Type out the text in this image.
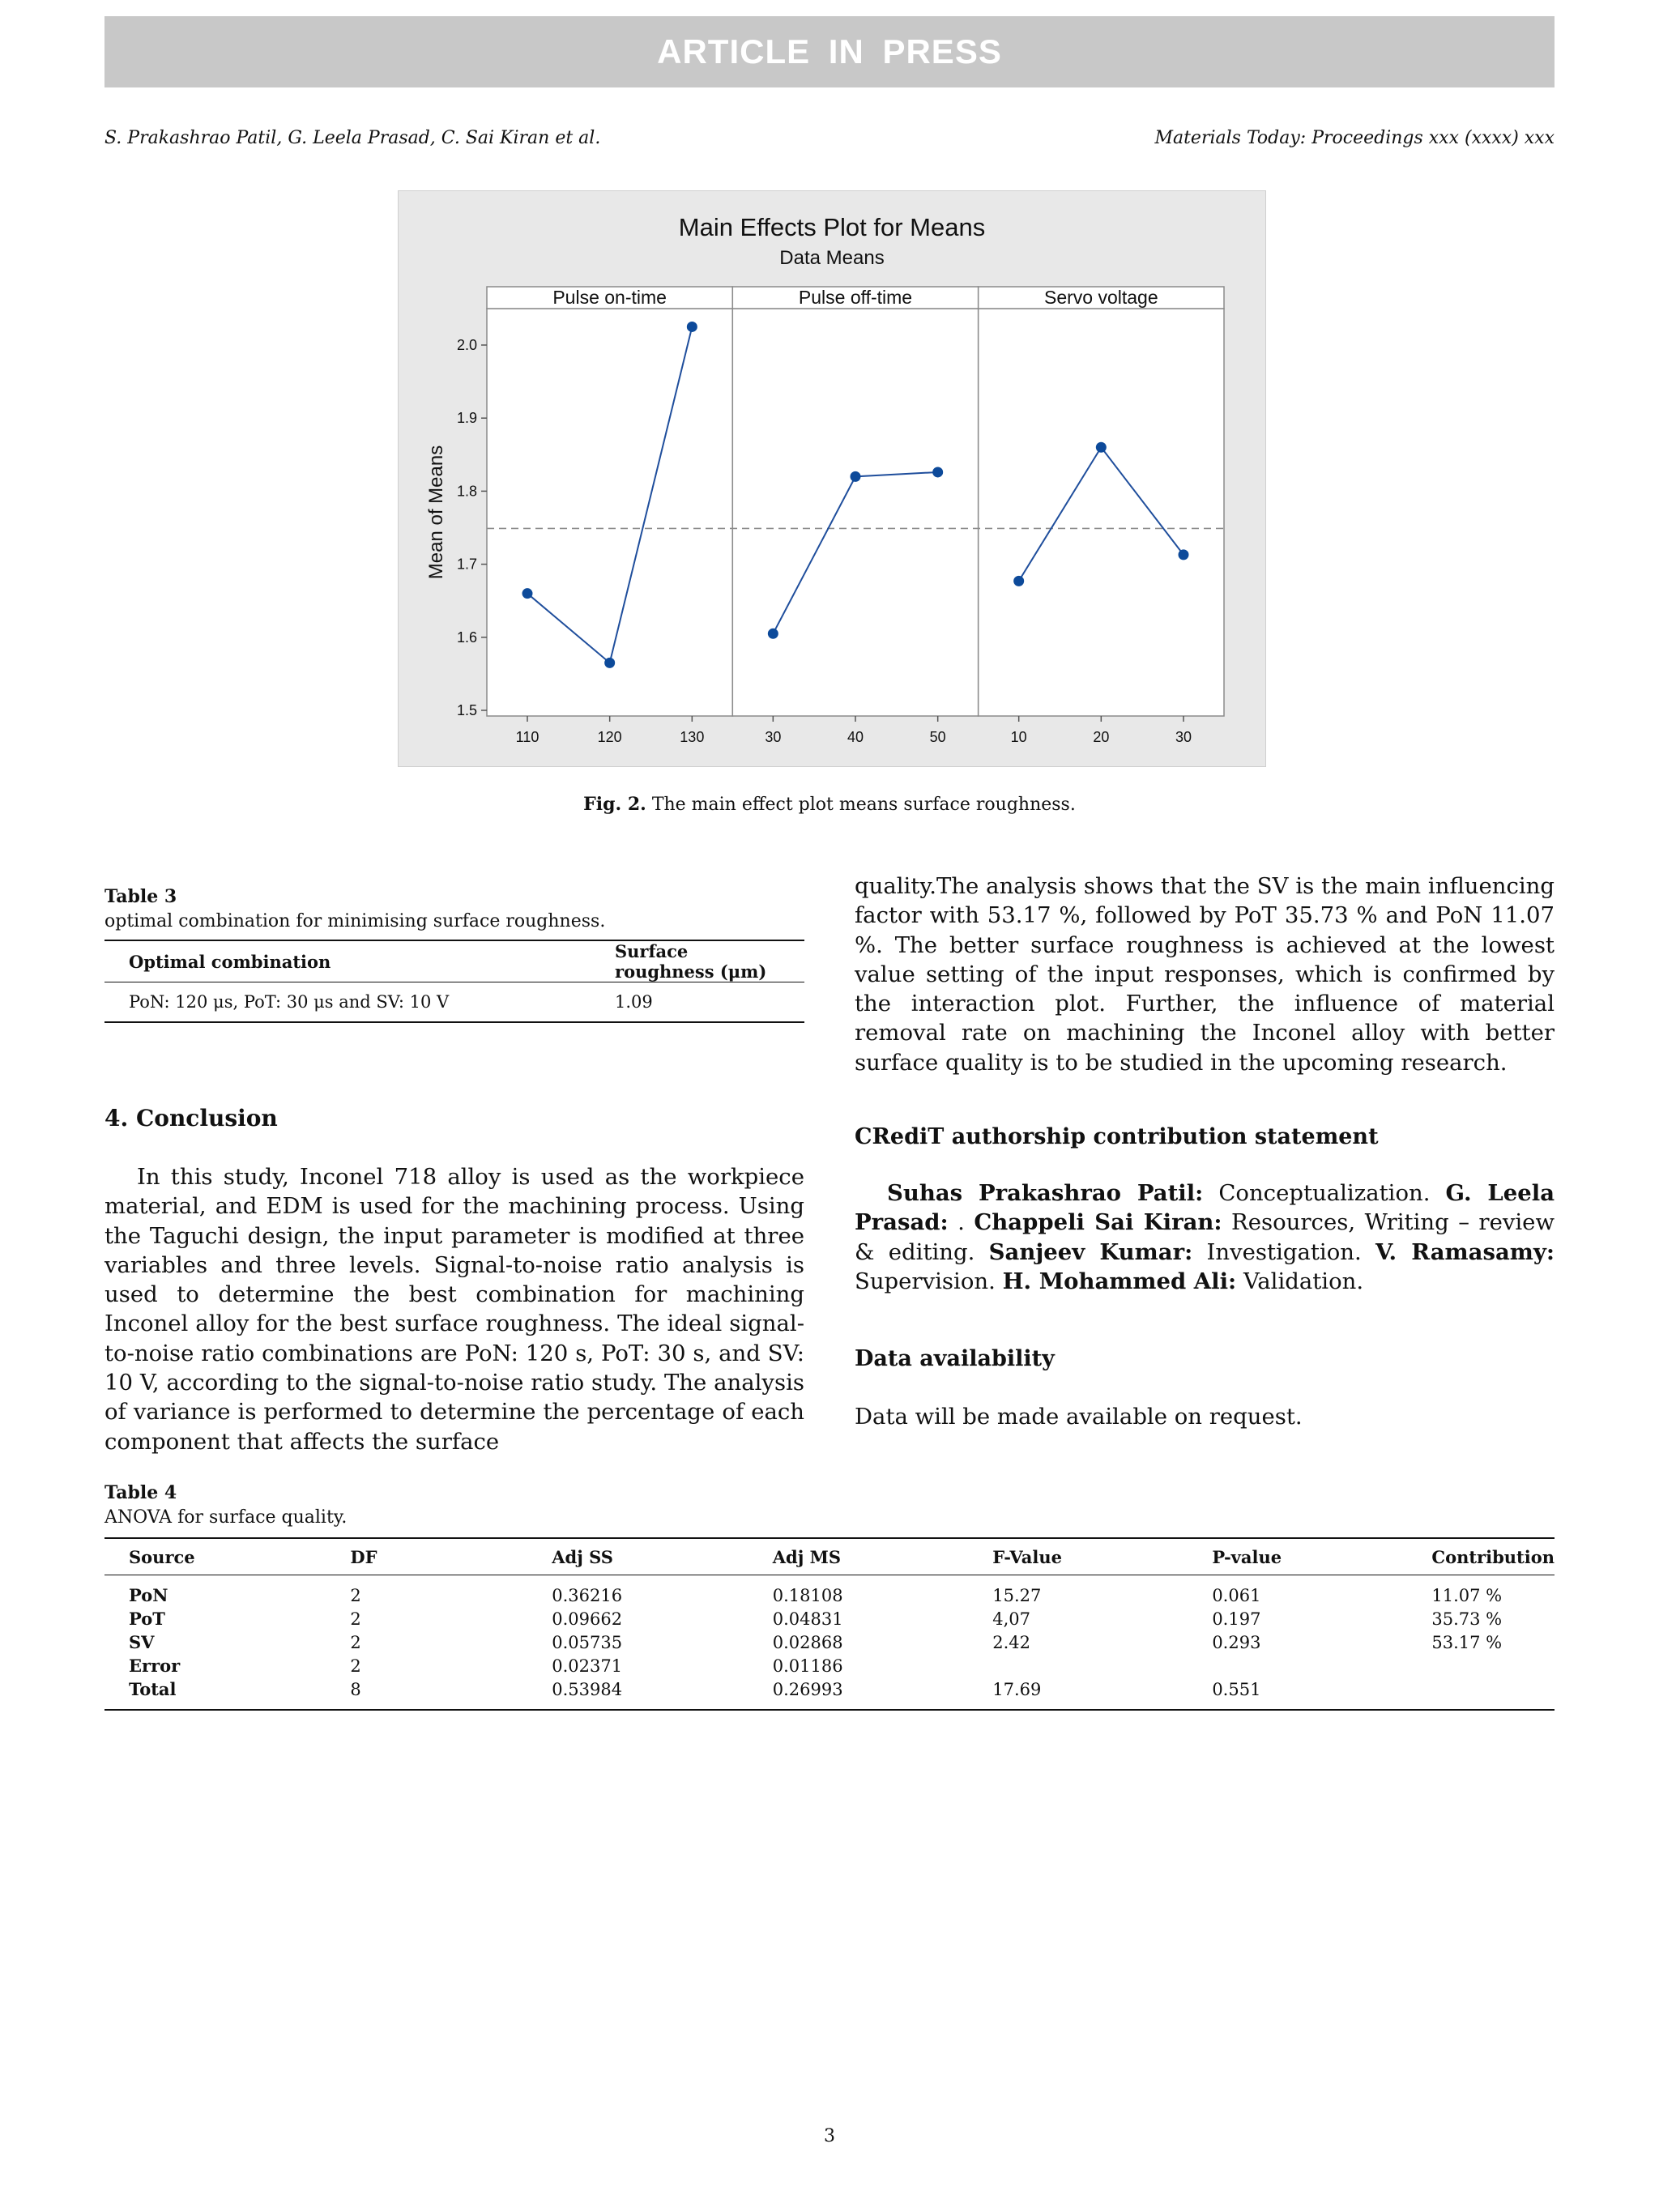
ARTICLE IN PRESS
S. Prakashrao Patil, G. Leela Prasad, C. Sai Kiran et al.	Materials Today: Proceedings xxx (xxxx) xxx
Main Effects Plot for Means
Data Means
Pulse on-time	Pulse off-time	Servo voltage
1.5
1.6
1.7
1.8
1.9
2.0
Mean of Means
110	120	130	30	40	50	10	20	30
Fig. 2. The main effect plot means surface roughness.
Table 3
optimal combination for minimising surface roughness.
Optimal combination	Surface roughness (μm)
PoN: 120 μs, PoT: 30 μs and SV: 10 V	1.09
4. Conclusion

In this study, Inconel 718 alloy is used as the workpiece material, and EDM is used for the machining process. Using the Taguchi design, the input parameter is modified at three variables and three levels. Signal-to-noise ratio analysis is used to determine the best combination for machining Inconel alloy for the best surface roughness. The ideal signal-to-noise ratio combinations are PoN: 120 s, PoT: 30 s, and SV: 10 V, according to the signal-to-noise ratio study. The analysis of variance is performed to determine the percentage of each component that affects the surface

quality.The analysis shows that the SV is the main influencing factor with 53.17 %, followed by PoT 35.73 % and PoN 11.07 %. The better surface roughness is achieved at the lowest value setting of the input responses, which is confirmed by the interaction plot. Further, the influence of material removal rate on machining the Inconel alloy with better surface quality is to be studied in the upcoming research.

CRediT authorship contribution statement

Suhas Prakashrao Patil: Conceptualization. G. Leela Prasad: . Chappeli Sai Kiran: Resources, Writing – review & editing. Sanjeev Kumar: Investigation. V. Ramasamy: Supervision. H. Mohammed Ali: Validation.

Data availability

Data will be made available on request.

Table 4
ANOVA for surface quality.
Source	DF	Adj SS	Adj MS	F-Value	P-value	Contribution
PoN	2	0.36216	0.18108	15.27	0.061	11.07 %
PoT	2	0.09662	0.04831	4,07	0.197	35.73 %
SV	2	0.05735	0.02868	2.42	0.293	53.17 %
Error	2	0.02371	0.01186			
Total	8	0.53984	0.26993	17.69	0.551	
3
